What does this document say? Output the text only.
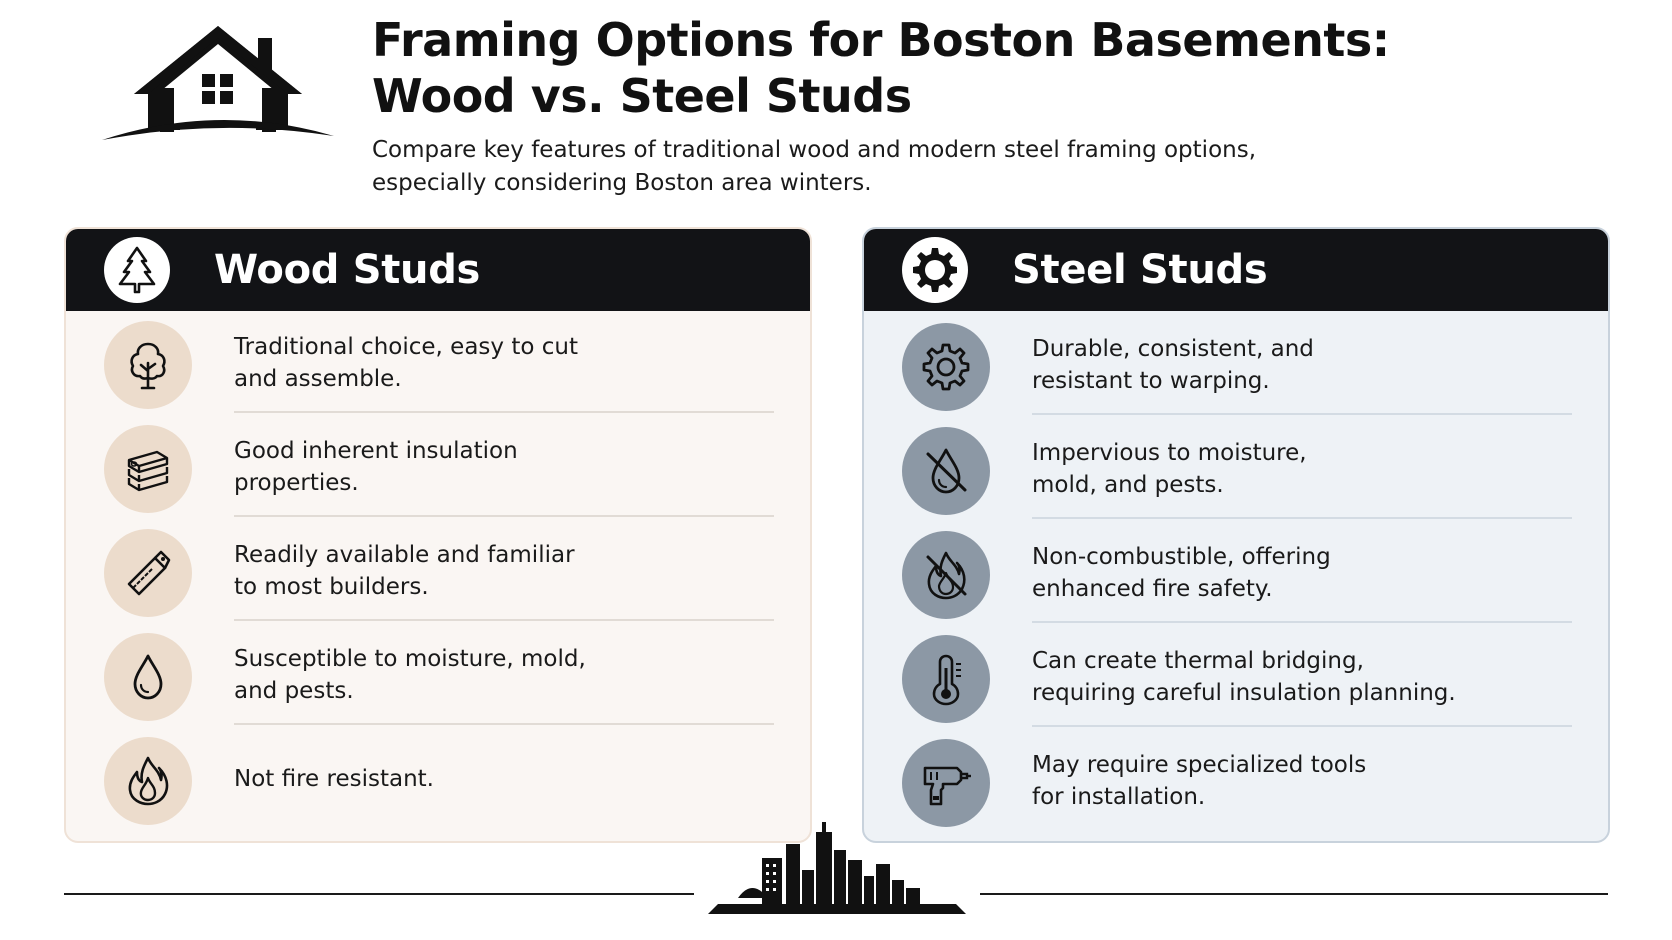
Framing Options for Boston Basements:
Wood vs. Steel Studs
Compare key features of traditional wood and modern steel framing options,
especially considering Boston area winters.
Wood Studs
Traditional choice, easy to cut
and assemble.
Good inherent insulation
properties.
Readily available and familiar
to most builders.
Susceptible to moisture, mold,
and pests.
Not fire resistant.
Steel Studs
Durable, consistent, and
resistant to warping.
Impervious to moisture,
mold, and pests.
Non-combustible, offering
enhanced fire safety.
Can create thermal bridging,
requiring careful insulation planning.
May require specialized tools
for installation.
